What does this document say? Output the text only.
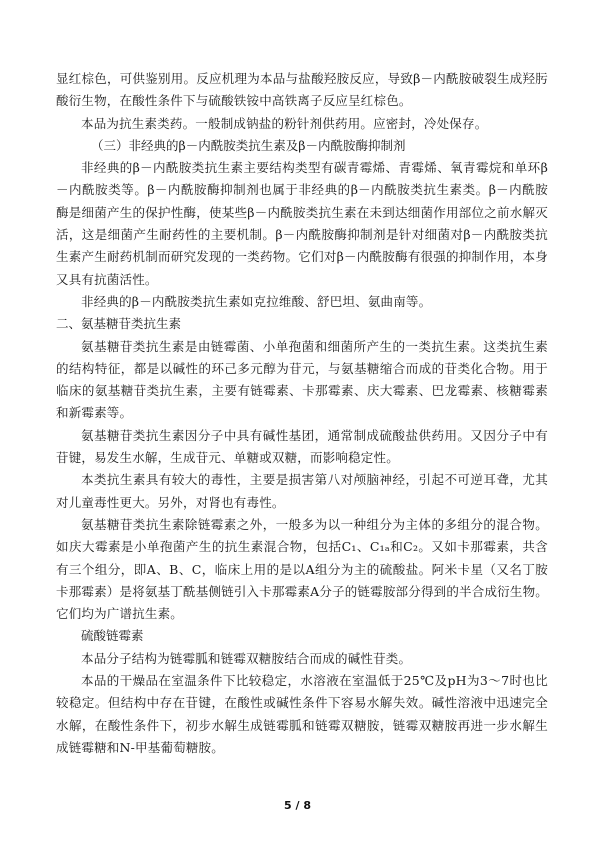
显红棕色，可供鉴别用。反应机理为本品与盐酸羟胺反应，导致β－内酰胺破裂生成羟肟酸衍生物，在酸性条件下与硫酸铁铵中高铁离子反应呈红棕色。

本品为抗生素类药。一般制成钠盐的粉针剂供药用。应密封，冷处保存。

（三）非经典的β－内酰胺类抗生素及β－内酰胺酶抑制剂

非经典的β－内酰胺类抗生素主要结构类型有碳青霉烯、青霉烯、氧青霉烷和单环β－内酰胺类等。β－内酰胺酶抑制剂也属于非经典的β－内酰胺类抗生素类。β－内酰胺酶是细菌产生的保护性酶，使某些β－内酰胺类抗生素在未到达细菌作用部位之前水解灭活，这是细菌产生耐药性的主要机制。β－内酰胺酶抑制剂是针对细菌对β－内酰胺类抗生素产生耐药机制而研究发现的一类药物。它们对β－内酰胺酶有很强的抑制作用，本身又具有抗菌活性。

非经典的β－内酰胺类抗生素如克拉维酸、舒巴坦、氨曲南等。

二、氨基糖苷类抗生素

氨基糖苷类抗生素是由链霉菌、小单孢菌和细菌所产生的一类抗生素。这类抗生素的结构特征，都是以碱性的环己多元醇为苷元，与氨基糖缩合而成的苷类化合物。用于临床的氨基糖苷类抗生素，主要有链霉素、卡那霉素、庆大霉素、巴龙霉素、核糖霉素和新霉素等。

氨基糖苷类抗生素因分子中具有碱性基团，通常制成硫酸盐供药用。又因分子中有苷键，易发生水解，生成苷元、单糖或双糖，而影响稳定性。

本类抗生素具有较大的毒性，主要是损害第八对颅脑神经，引起不可逆耳聋，尤其对儿童毒性更大。另外，对肾也有毒性。

氨基糖苷类抗生素除链霉素之外，一般多为以一种组分为主体的多组分的混合物。如庆大霉素是小单孢菌产生的抗生素混合物，包括C₁、C₁ₐ和C₂。又如卡那霉素，共含有三个组分，即A、B、C，临床上用的是以A组分为主的硫酸盐。阿米卡星（又名丁胺卡那霉素）是将氨基丁酰基侧链引入卡那霉素A分子的链霉胺部分得到的半合成衍生物。它们均为广谱抗生素。

硫酸链霉素

本品分子结构为链霉胍和链霉双糖胺结合而成的碱性苷类。

本品的干燥品在室温条件下比较稳定，水溶液在室温低于25℃及pH为3～7时也比较稳定。但结构中存在苷键，在酸性或碱性条件下容易水解失效。碱性溶液中迅速完全水解，在酸性条件下，初步水解生成链霉胍和链霉双糖胺，链霉双糖胺再进一步水解生成链霉糖和N-甲基葡萄糖胺。

5 / 8
